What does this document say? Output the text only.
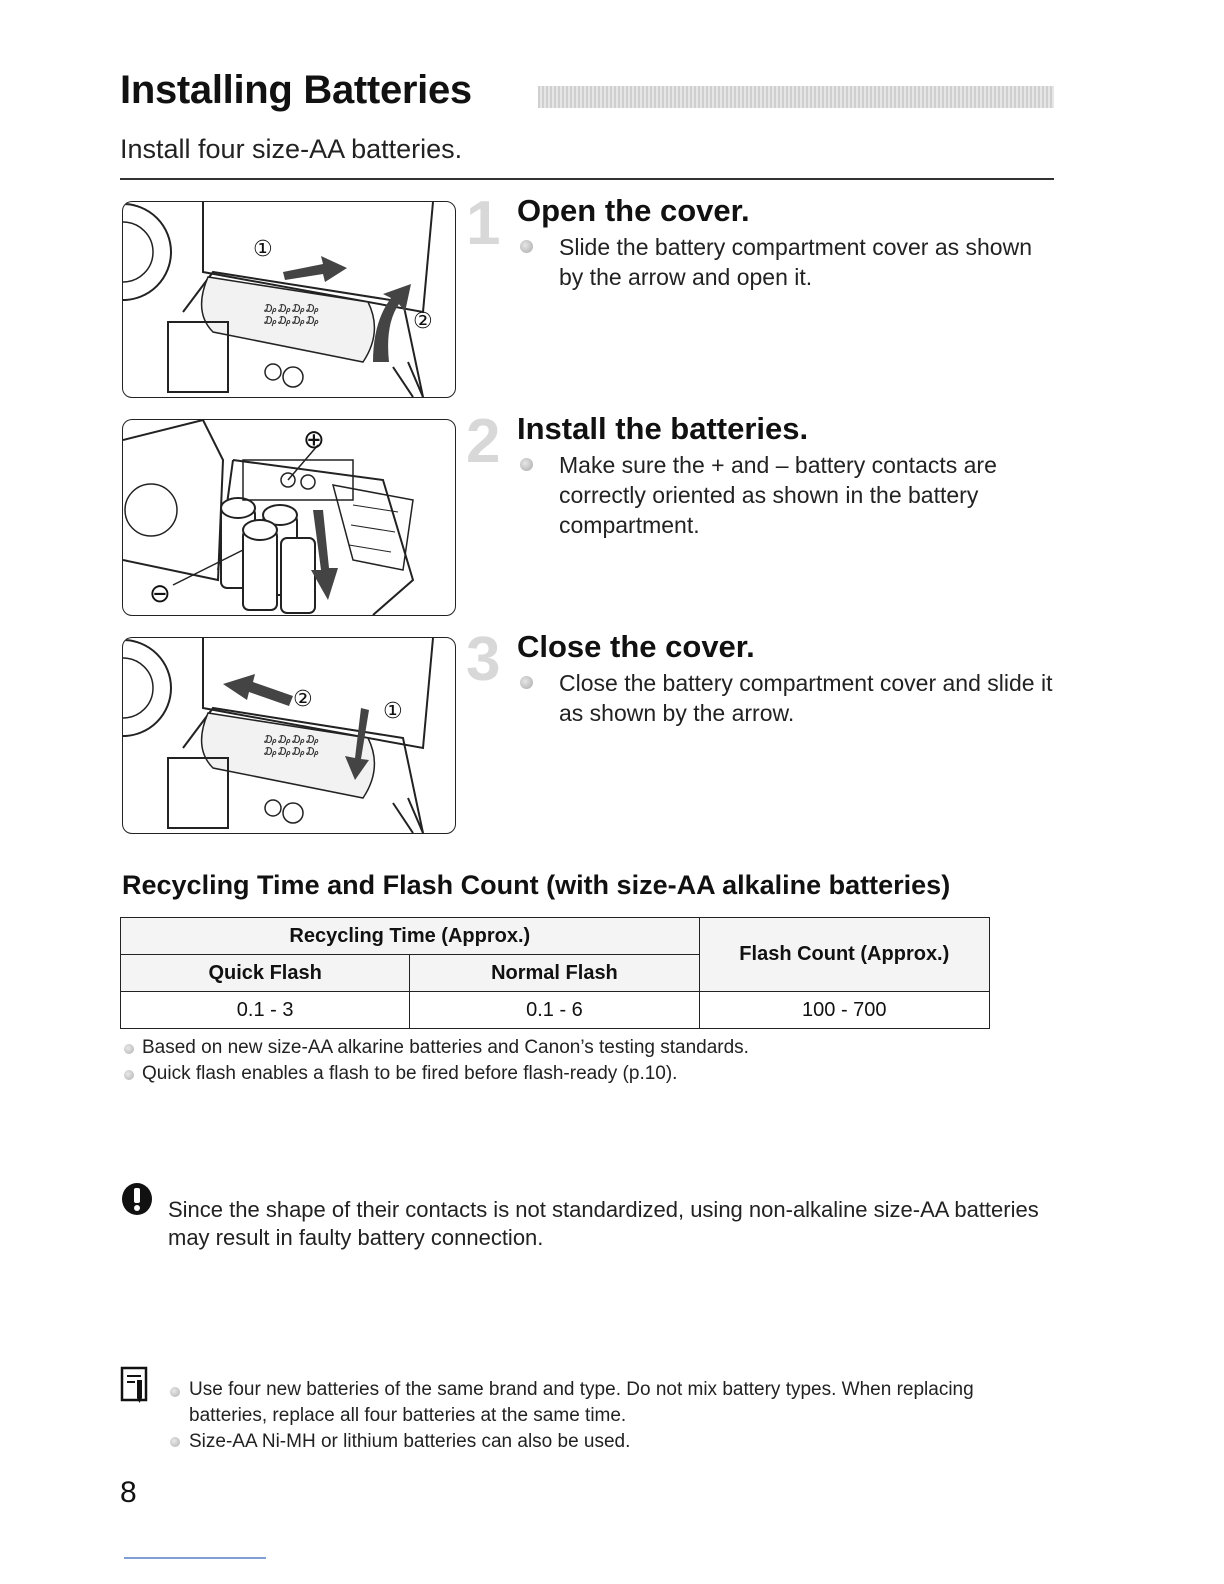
Installing Batteries
Install four size-AA batteries.
₯₯₯₯
₯₯₯₯
①
②
1 Open the cover.
Slide the battery compartment cover as shown by the arrow and open it.
⊕
⊖
2 Install the batteries.
Make sure the + and – battery contacts are correctly oriented as shown in the battery compartment.
₯₯₯₯
₯₯₯₯
②	①
3 Close the cover.
Close the battery compartment cover and slide it as shown by the arrow.
Recycling Time and Flash Count (with size-AA alkaline batteries)
Recycling Time (Approx.)		Flash Count (Approx.)
Quick Flash	Normal Flash	
0.1 - 3	0.1 - 6	100 - 700
Based on new size-AA alkarine batteries and Canon’s testing standards.
Quick flash enables a flash to be fired before flash-ready (p.10).
Since the shape of their contacts is not standardized, using non-alkaline size-AA batteries may result in faulty battery connection.
Use four new batteries of the same brand and type. Do not mix battery types. When replacing batteries, replace all four batteries at the same time.
Size-AA Ni-MH or lithium batteries can also be used.
8
